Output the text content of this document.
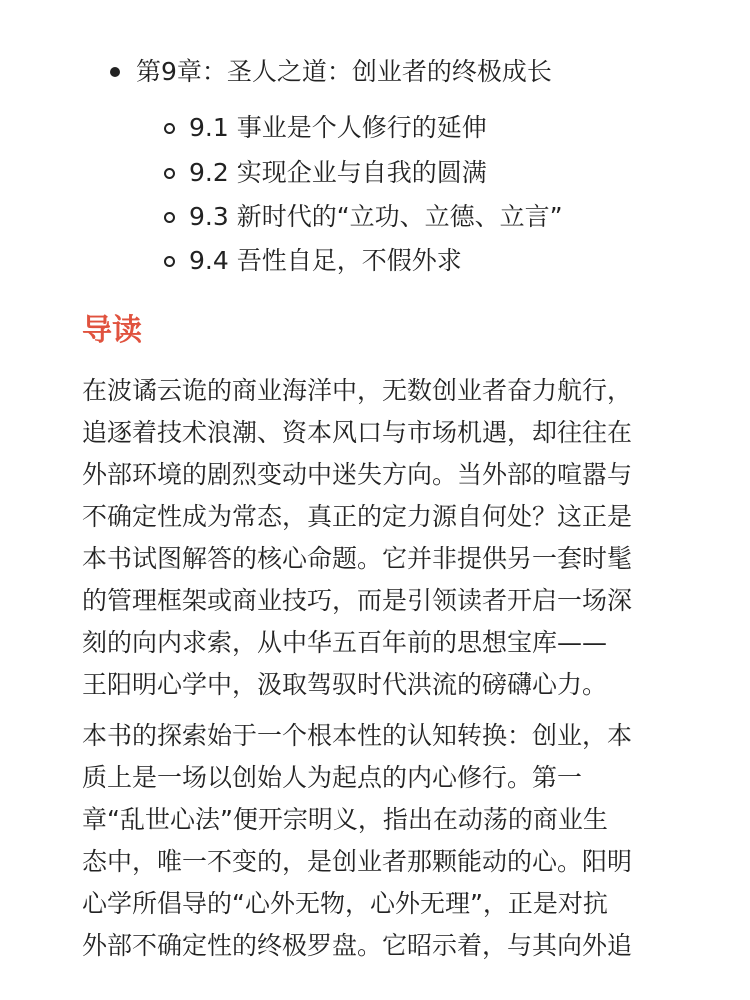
第9章：圣人之道：创业者的终极成长
9.1 事业是个人修行的延伸
9.2 实现企业与自我的圆满
9.3 新时代的“立功、立德、立言”
9.4 吾性自足，不假外求
导读
在波谲云诡的商业海洋中，无数创业者奋力航行，
追逐着技术浪潮、资本风口与市场机遇，却往往在
外部环境的剧烈变动中迷失方向。当外部的喧嚣与
不确定性成为常态，真正的定力源自何处？这正是
本书试图解答的核心命题。它并非提供另一套时髦
的管理框架或商业技巧，而是引领读者开启一场深
刻的向内求索，从中华五百年前的思想宝库——
王阳明心学中，汲取驾驭时代洪流的磅礴心力。
本书的探索始于一个根本性的认知转换：创业，本
质上是一场以创始人为起点的内心修行。第一
章“乱世心法”便开宗明义，指出在动荡的商业生
态中，唯一不变的，是创业者那颗能动的心。阳明
心学所倡导的“心外无物，心外无理”，正是对抗
外部不确定性的终极罗盘。它昭示着，与其向外追
